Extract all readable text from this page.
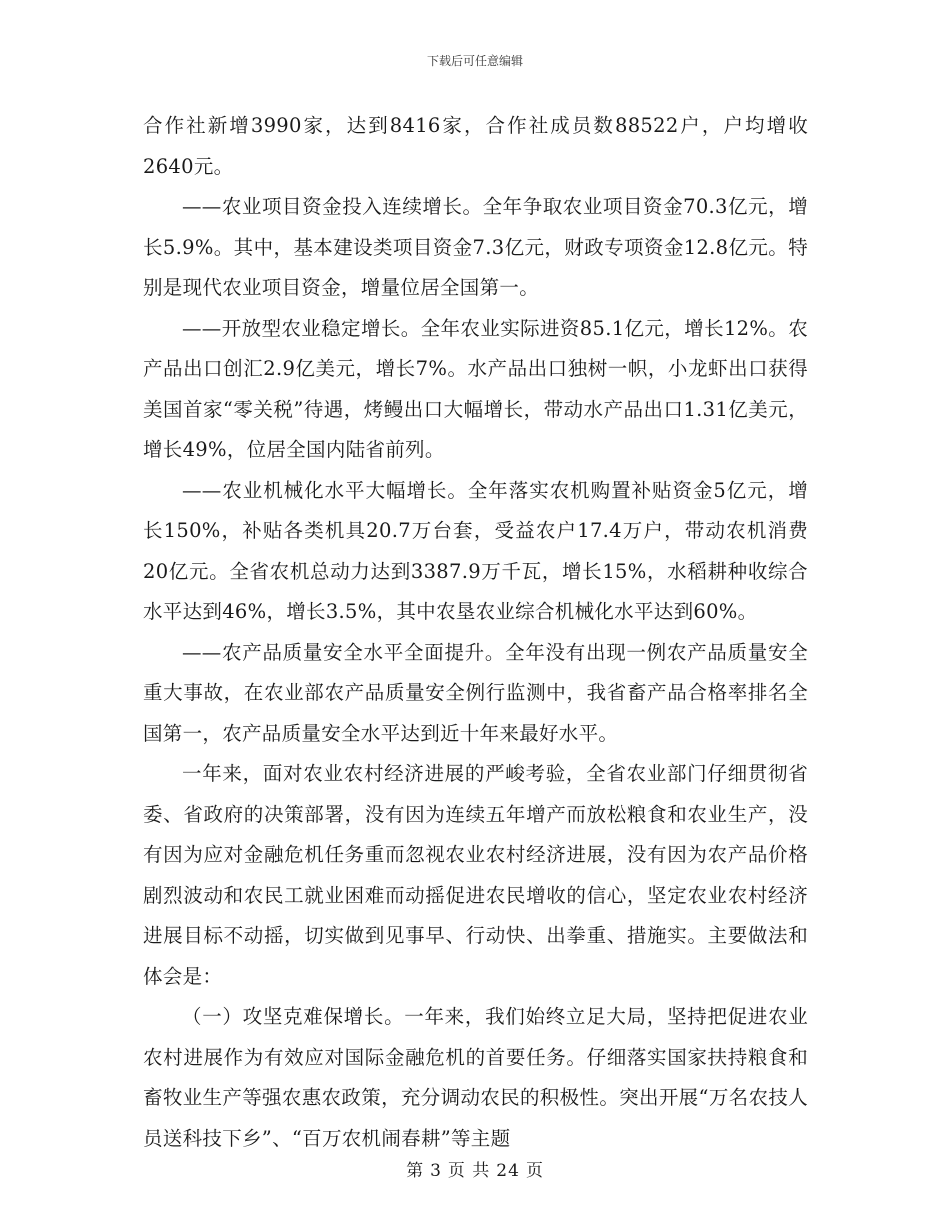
下载后可任意编辑

合作社新增3990家，达到8416家，合作社成员数88522户，户均增收2640元。

——农业项目资金投入连续增长。全年争取农业项目资金70.3亿元，增长5.9%。其中，基本建设类项目资金7.3亿元，财政专项资金12.8亿元。特别是现代农业项目资金，增量位居全国第一。

——开放型农业稳定增长。全年农业实际进资85.1亿元，增长12%。农产品出口创汇2.9亿美元，增长7%。水产品出口独树一帜，小龙虾出口获得美国首家“零关税”待遇，烤鳗出口大幅增长，带动水产品出口1.31亿美元，增长49%，位居全国内陆省前列。

——农业机械化水平大幅增长。全年落实农机购置补贴资金5亿元，增长150%，补贴各类机具20.7万台套，受益农户17.4万户，带动农机消费20亿元。全省农机总动力达到3387.9万千瓦，增长15%，水稻耕种收综合水平达到46%，增长3.5%，其中农垦农业综合机械化水平达到60%。

——农产品质量安全水平全面提升。全年没有出现一例农产品质量安全重大事故，在农业部农产品质量安全例行监测中，我省畜产品合格率排名全国第一，农产品质量安全水平达到近十年来最好水平。

一年来，面对农业农村经济进展的严峻考验，全省农业部门仔细贯彻省委、省政府的决策部署，没有因为连续五年增产而放松粮食和农业生产，没有因为应对金融危机任务重而忽视农业农村经济进展，没有因为农产品价格剧烈波动和农民工就业困难而动摇促进农民增收的信心，坚定农业农村经济进展目标不动摇，切实做到见事早、行动快、出拳重、措施实。主要做法和体会是：

（一）攻坚克难保增长。一年来，我们始终立足大局，坚持把促进农业农村进展作为有效应对国际金融危机的首要任务。仔细落实国家扶持粮食和畜牧业生产等强农惠农政策，充分调动农民的积极性。突出开展“万名农技人员送科技下乡”、“百万农机闹春耕”等主题

第 3 页 共 24 页
